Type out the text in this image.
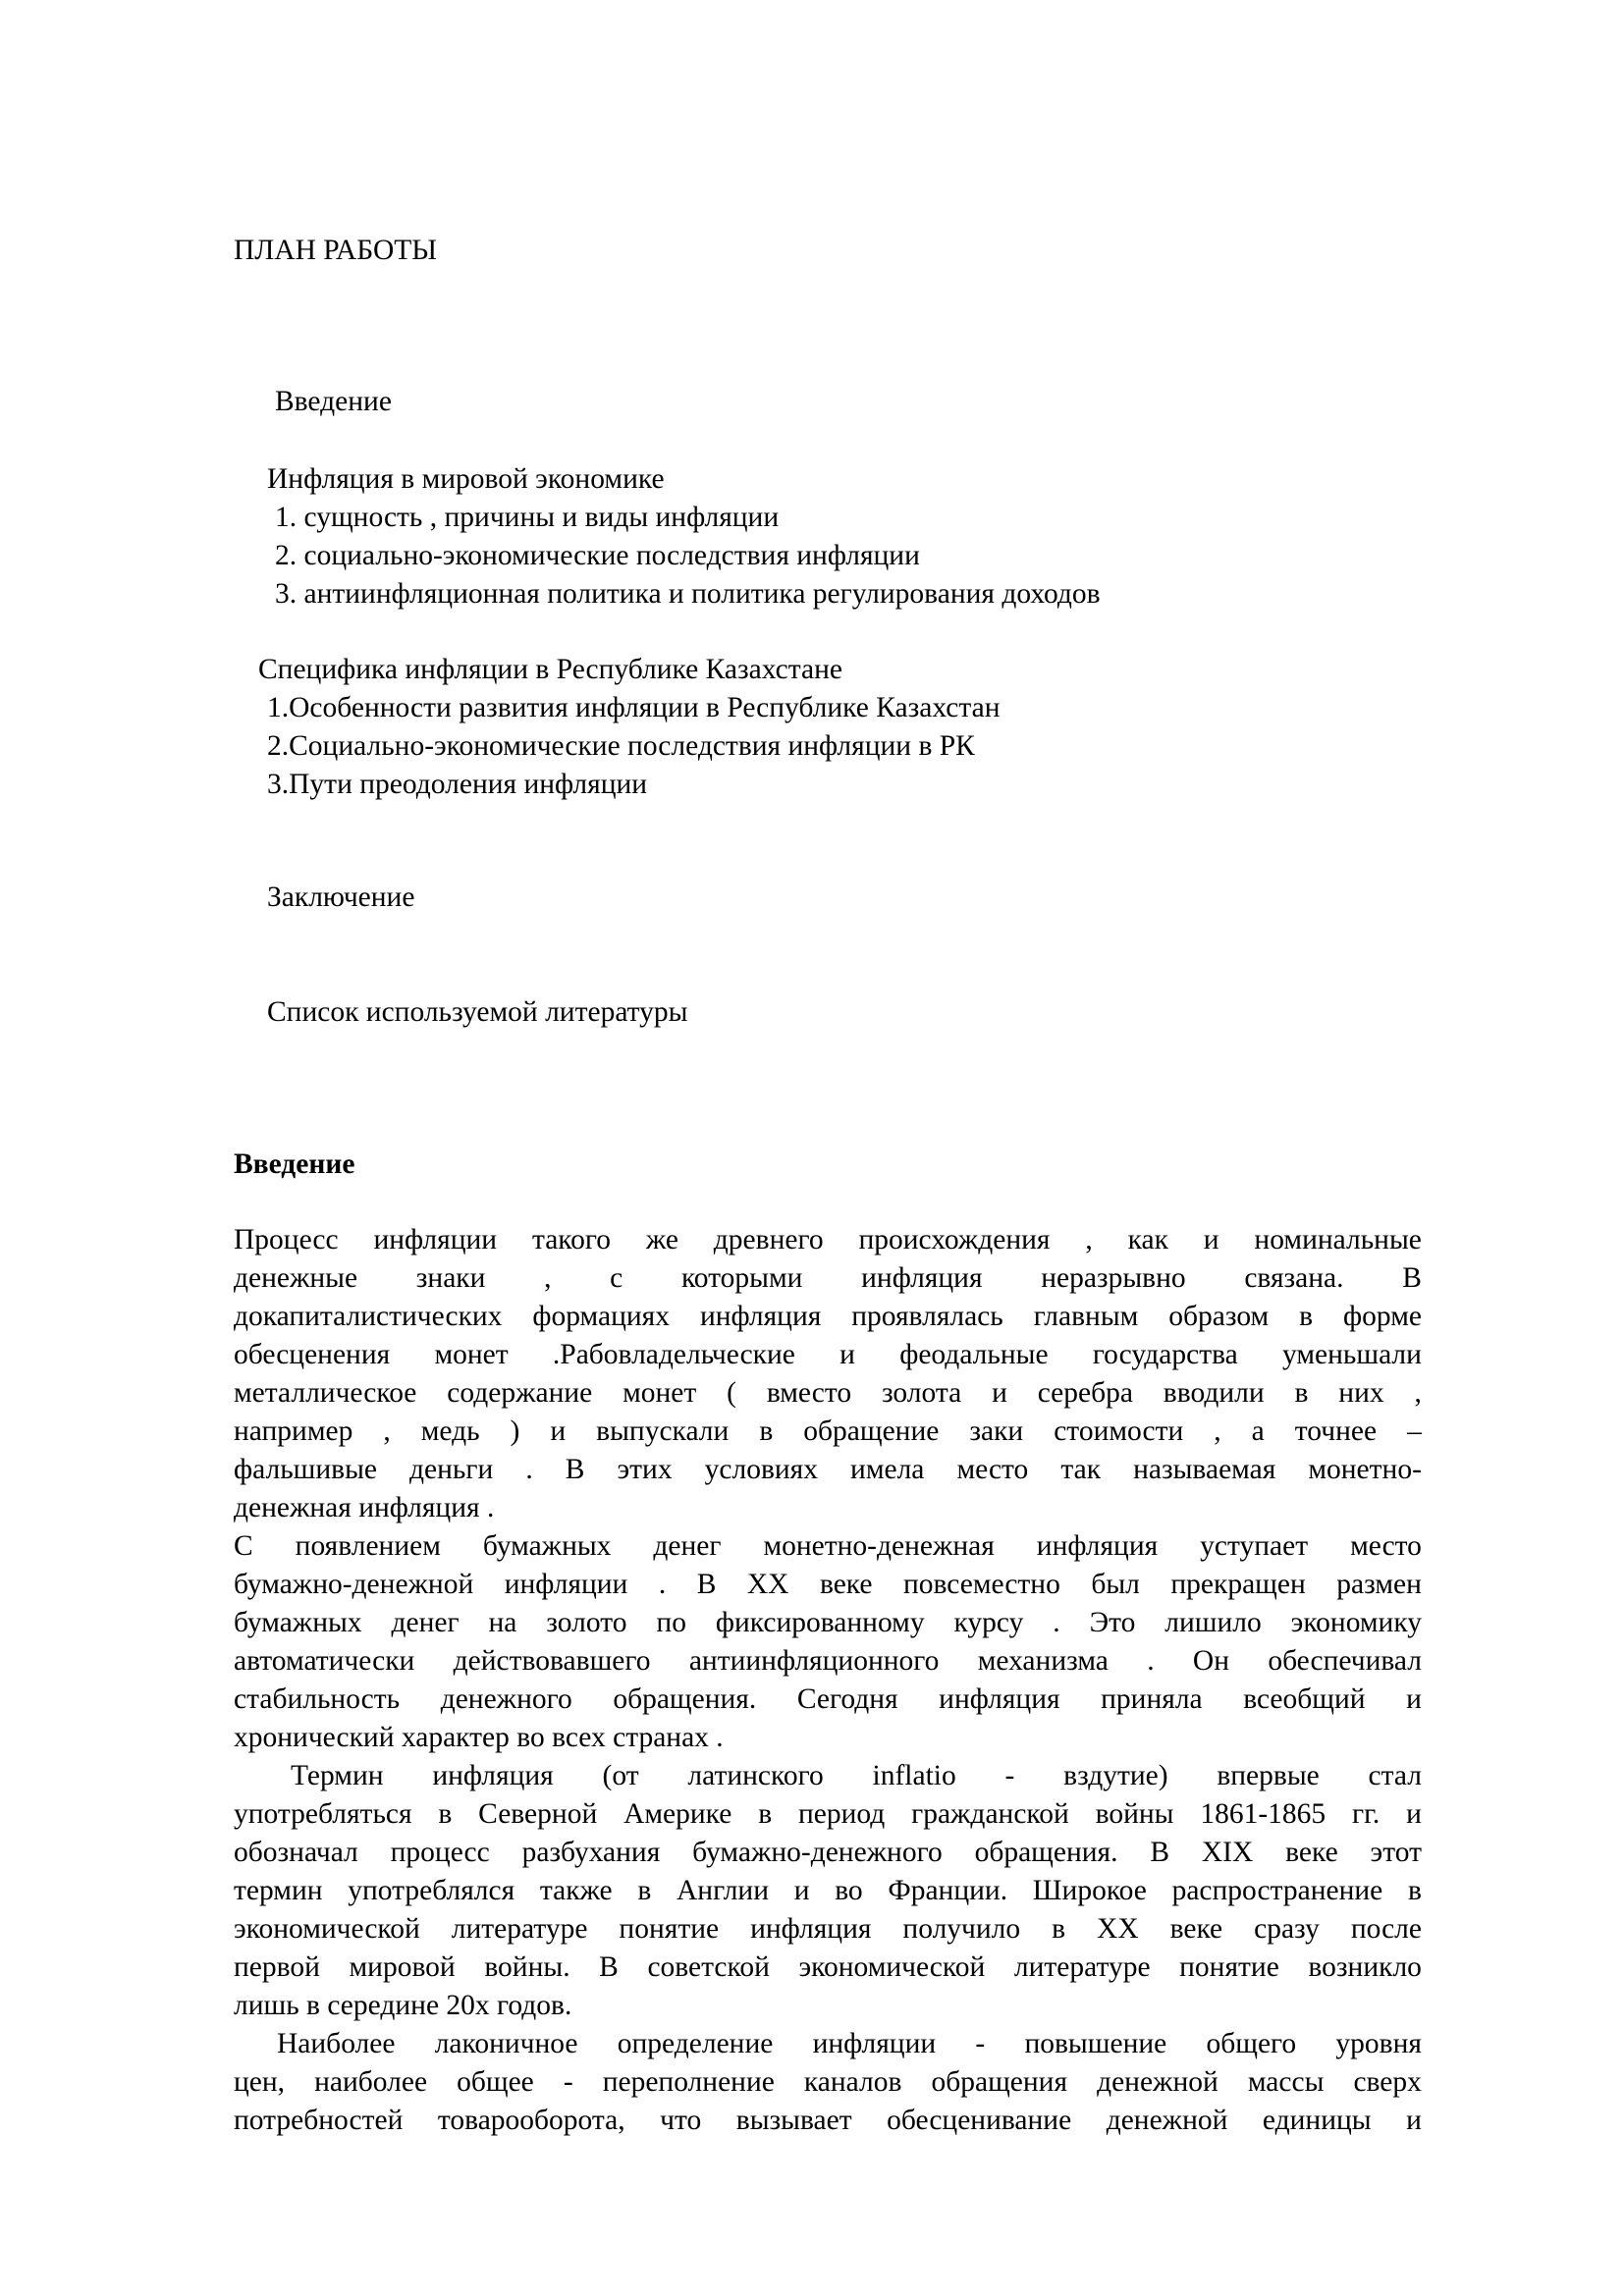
ПЛАН РАБОТЫ
Введение
Инфляция в мировой экономике
1. сущность , причины и виды инфляции
2. социально-экономические последствия инфляции
3. антиинфляционная политика и политика регулирования доходов
Специфика инфляции в Республике Казахстане
1.Особенности развития инфляции в Республике Казахстан
2.Социально-экономические последствия инфляции в РК
3.Пути преодоления инфляции
Заключение
Список используемой литературы
Введение
Процесс инфляции такого же древнего происхождения , как и номинальные
денежные знаки , с которыми инфляция неразрывно связана. В
докапиталистических формациях инфляция проявлялась главным образом в форме
обесценения монет .Рабовладельческие и феодальные государства уменьшали
металлическое содержание монет ( вместо золота и серебра вводили в них ,
например , медь ) и выпускали в обращение заки стоимости , а точнее –
фальшивые деньги . В этих условиях имела место так называемая монетно-
денежная инфляция .
С появлением бумажных денег монетно-денежная инфляция уступает место
бумажно-денежной инфляции . В XX веке повсеместно был прекращен размен
бумажных денег на золото по фиксированному курсу . Это лишило экономику
автоматически действовавшего антиинфляционного механизма . Он обеспечивал
стабильность денежного обращения. Сегодня инфляция приняла всеобщий и
хронический характер во всех странах .
Термин инфляция (от латинского inflatio - вздутие) впервые стал
употребляться в Северной Америке в период гражданской войны 1861-1865 гг. и
обозначал процесс разбухания бумажно-денежного обращения. В XIX веке этот
термин употреблялся также в Англии и во Франции. Широкое распространение в
экономической литературе понятие инфляция получило в XX веке сразу после
первой мировой войны. В советской экономической литературе понятие возникло
лишь в середине 20х годов.
Наиболее лаконичное определение инфляции - повышение общего уровня
цен, наиболее общее - переполнение каналов обращения денежной массы сверх
потребностей товарооборота, что вызывает обесценивание денежной единицы и
